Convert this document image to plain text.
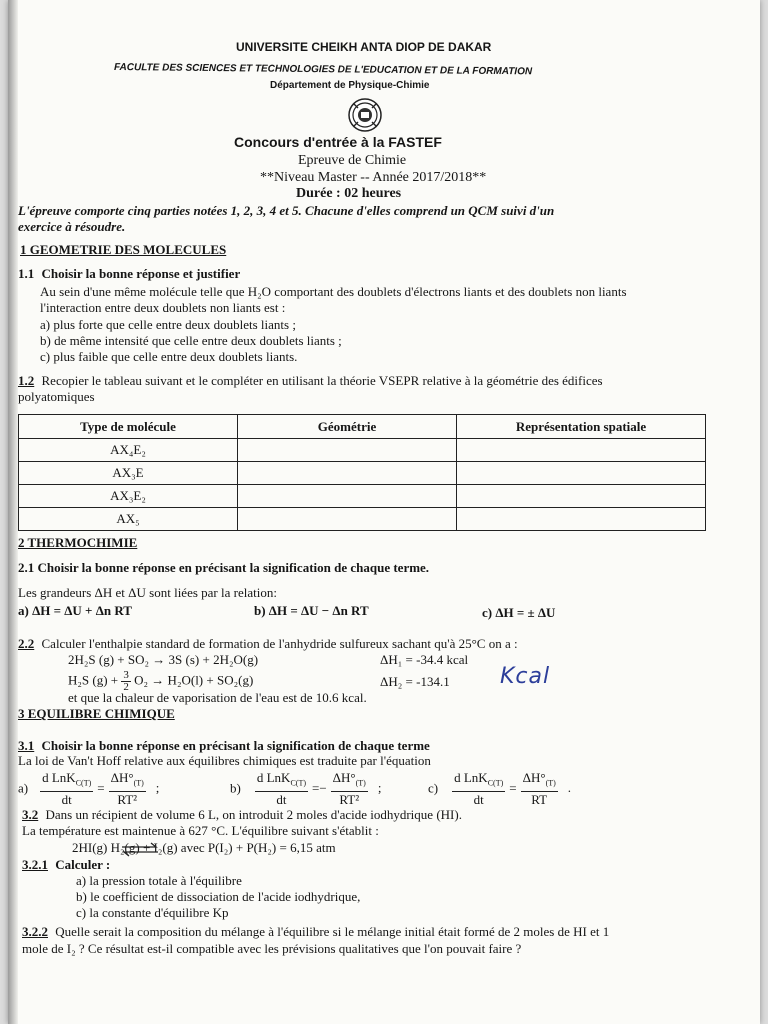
UNIVERSITE CHEIKH ANTA DIOP DE DAKAR
FACULTE DES SCIENCES ET TECHNOLOGIES DE L'EDUCATION ET DE LA FORMATION
Département de Physique-Chimie
Concours d'entrée à la FASTEF
Epreuve de Chimie
**Niveau Master -- Année 2017/2018**
Durée : 02 heures
L'épreuve comporte cinq parties notées 1, 2, 3, 4 et 5. Chacune d'elles comprend un QCM suivi d'un
exercice à résoudre.
1 GEOMETRIE DES MOLECULES
1.1 Choisir la bonne réponse et justifier
Au sein d'une même molécule telle que H₂O comportant des doublets d'électrons liants et des doublets non liants
l'interaction entre deux doublets non liants est :
a) plus forte que celle entre deux doublets liants ;
b) de même intensité que celle entre deux doublets liants ;
c) plus faible que celle entre deux doublets liants.
1.2 Recopier le tableau suivant et le compléter en utilisant la théorie VSEPR relative à la géométrie des édifices
polyatomiques
Type de molécule	Géométrie	Représentation spatiale
AX₄E₂		
AX₃E		
AX₃E₂		
AX₅		
2 THERMOCHIMIE
2.1 Choisir la bonne réponse en précisant la signification de chaque terme.
Les grandeurs ΔH et ΔU sont liées par la relation:
a) ΔH = ΔU + Δn RT	b) ΔH = ΔU − Δn RT	c) ΔH = ± ΔU
2.2 Calculer l'enthalpie standard de formation de l'anhydride sulfureux sachant qu'à 25°C on a :
2H₂S (g) + SO₂ → 3S (s) + 2H₂O(g)	ΔH₁ = -34.4 kcal
H₂S $(g) + \frac{3}{2} O_2 \to H_2O(l) + SO_2(g)$	ΔH₂ = -134.1 Kcal
et que la chaleur de vaporisation de l'eau est de 10.6 kcal.
3 EQUILIBRE CHIMIQUE
3.1 Choisir la bonne réponse en précisant la signification de chaque terme
La loi de Van't Hoff relative aux équilibres chimiques est traduite par l'équation
$a) \frac{d LnK_{C(T)}}{dt} = \frac{\Delta H^\circ_{(T)}}{\text{RT²}}$ ;	$b) \frac{d LnK_{C(T)}}{dt} =- \frac{\Delta H^\circ_{(T)}}{\text{RT²}}$ ;	$c) \frac{d LnK_{C(T)}}{dt} = \frac{\Delta H^\circ_{(T)}}{RT}$ .
3.2 Dans un récipient de volume 6 L, on introduit 2 moles d'acide iodhydrique (HI).
La température est maintenue à 627 °C. L'équilibre suivant s'établit :
2HI(g) H₂(g) + I₂(g) avec P(I₂) + P(H₂) = 6,15 atm
3.2.1 Calculer :
a) la pression totale à l'équilibre
b) le coefficient de dissociation de l'acide iodhydrique,
c) la constante d'équilibre Kp
3.2.2 Quelle serait la composition du mélange à l'équilibre si le mélange initial était formé de 2 moles de HI et 1
mole de I₂ ? Ce résultat est-il compatible avec les prévisions qualitatives que l'on pouvait faire ?
